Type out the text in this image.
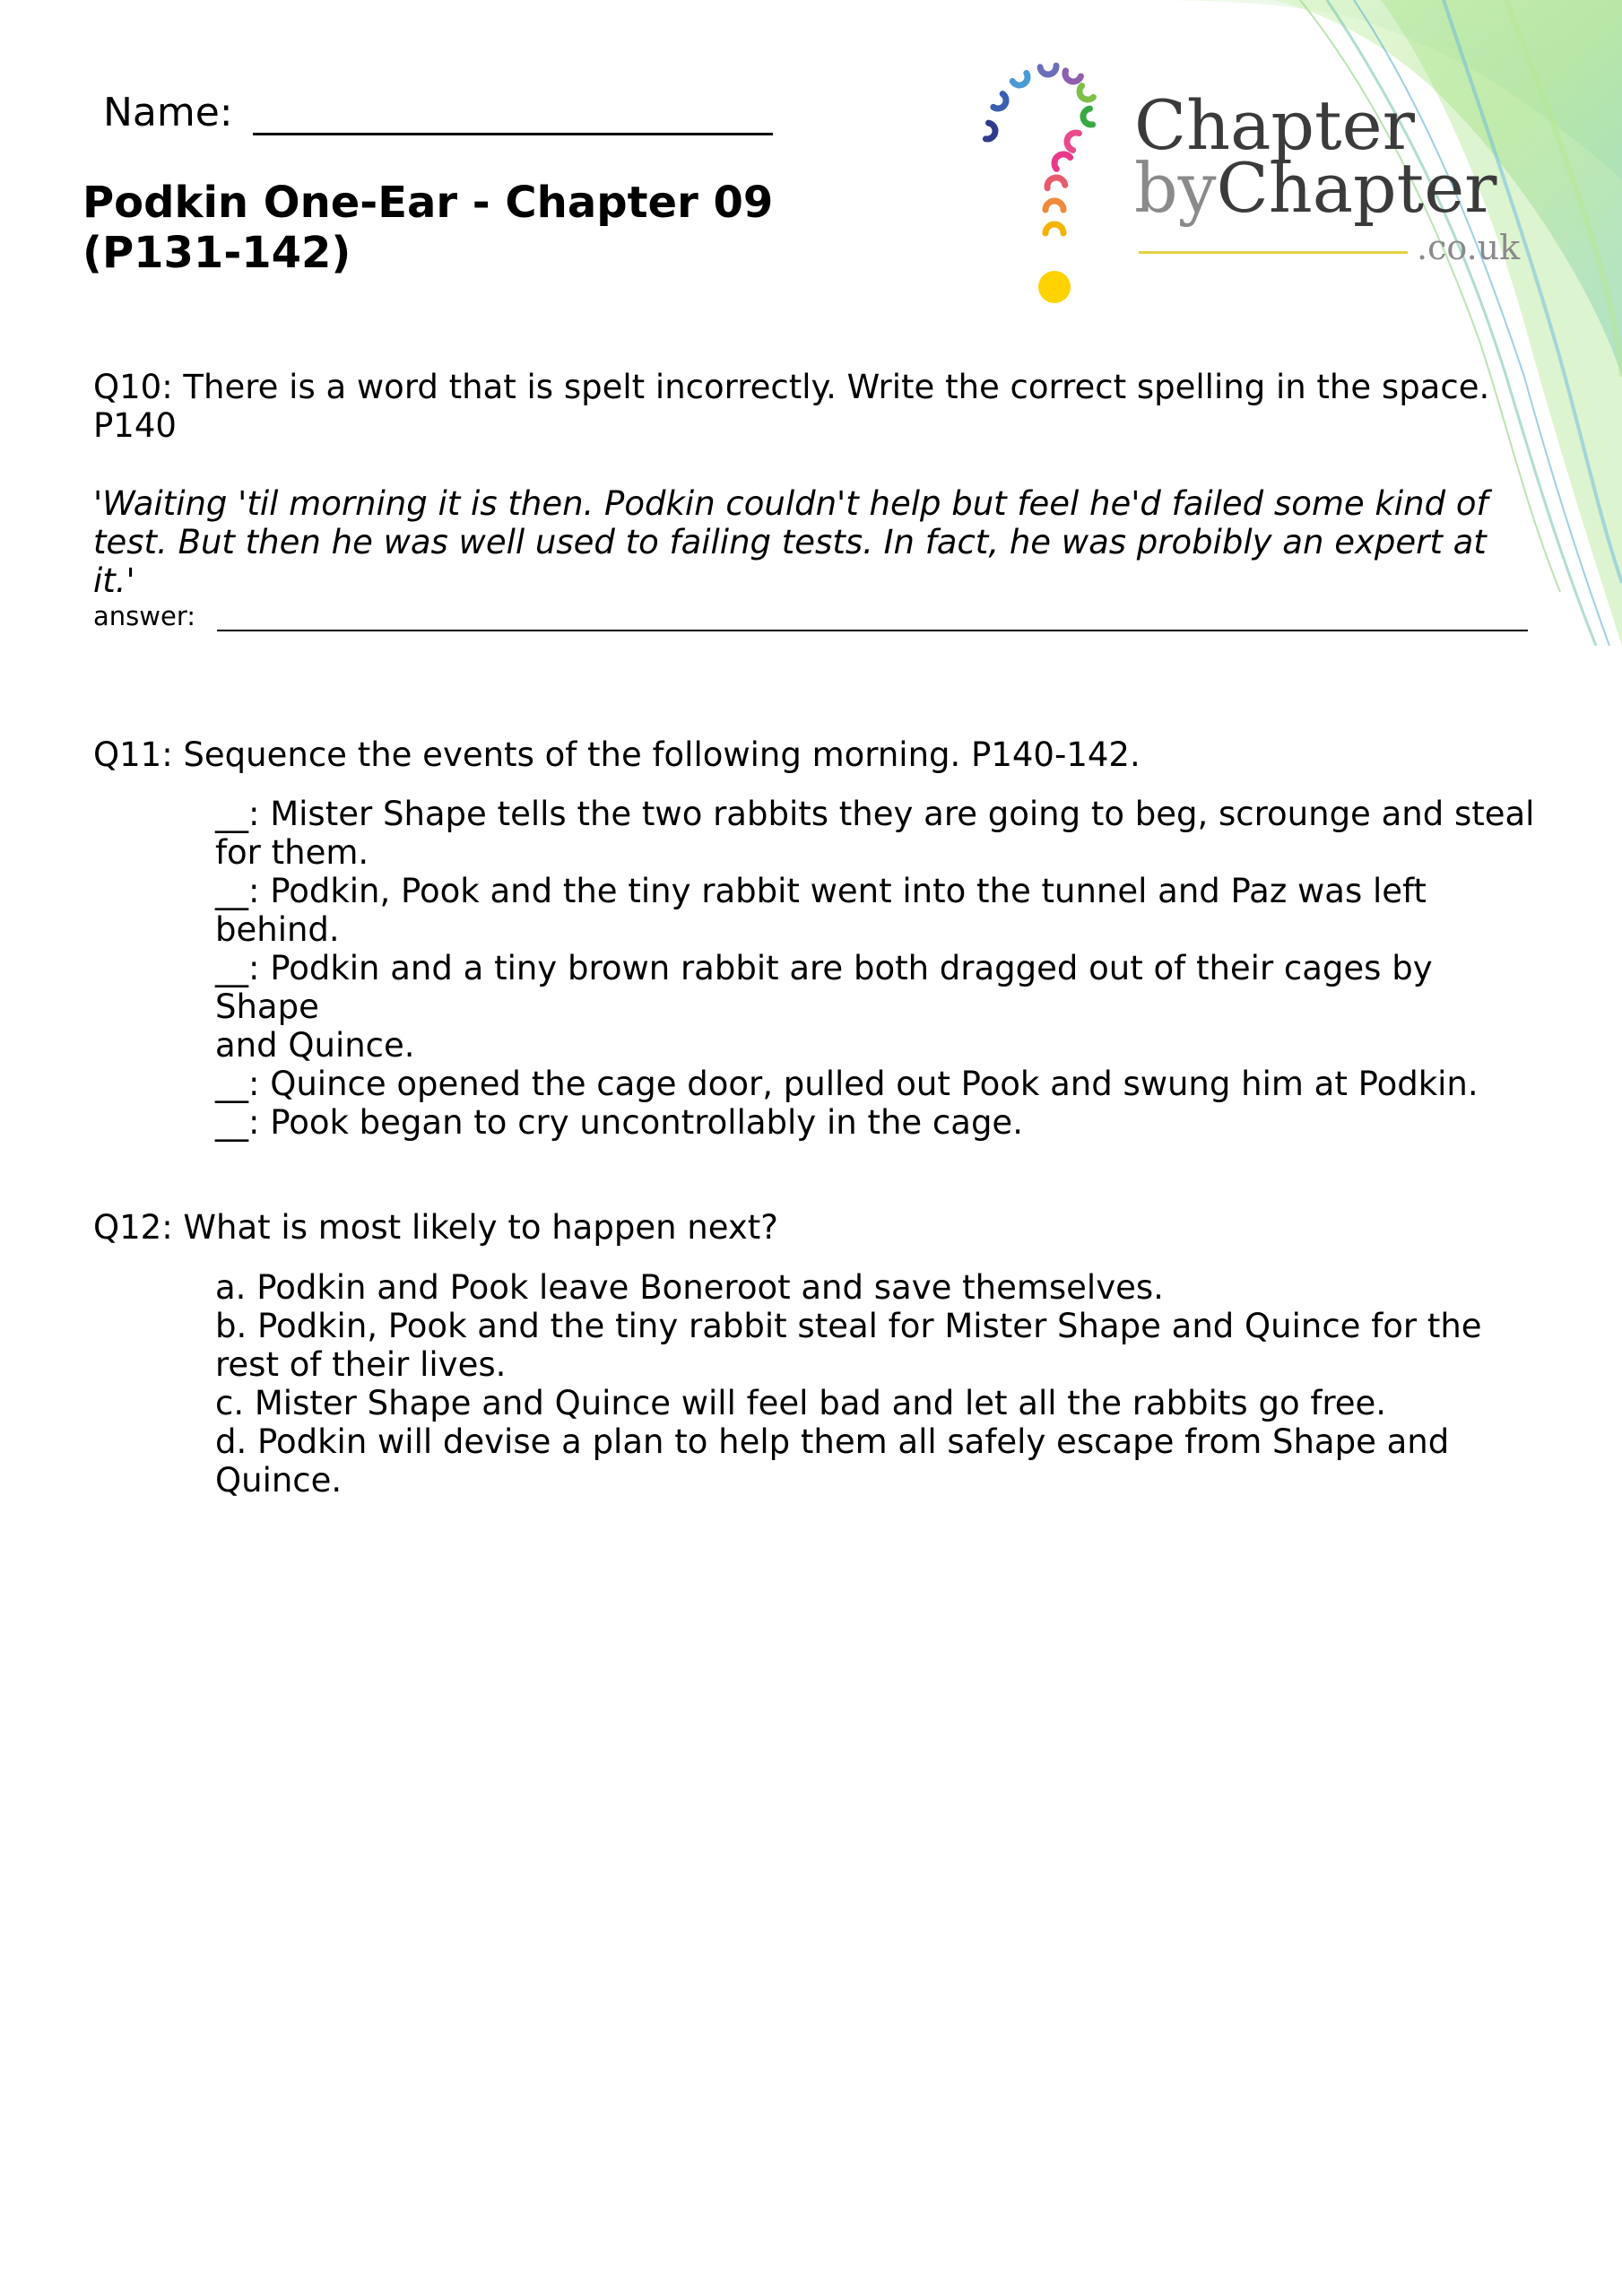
Name:
Podkin One-Ear - Chapter 09
(P131-142)
Chapter
byChapter
.co.uk
Q10: There is a word that is spelt incorrectly. Write the correct spelling in the space.
P140
'Waiting 'til morning it is then. Podkin couldn't help but feel he'd failed some kind of
test. But then he was well used to failing tests. In fact, he was probibly an expert at it.'
answer:
Q11: Sequence the events of the following morning. P140-142.
__: Mister Shape tells the two rabbits they are going to beg, scrounge and steal
for them.
__: Podkin, Pook and the tiny rabbit went into the tunnel and Paz was left
behind.
__: Podkin and a tiny brown rabbit are both dragged out of their cages by Shape
and Quince.
__: Quince opened the cage door, pulled out Pook and swung him at Podkin.
__: Pook began to cry uncontrollably in the cage.
Q12: What is most likely to happen next?
a. Podkin and Pook leave Boneroot and save themselves.
b. Podkin, Pook and the tiny rabbit steal for Mister Shape and Quince for the
rest of their lives.
c. Mister Shape and Quince will feel bad and let all the rabbits go free.
d. Podkin will devise a plan to help them all safely escape from Shape and
Quince.
